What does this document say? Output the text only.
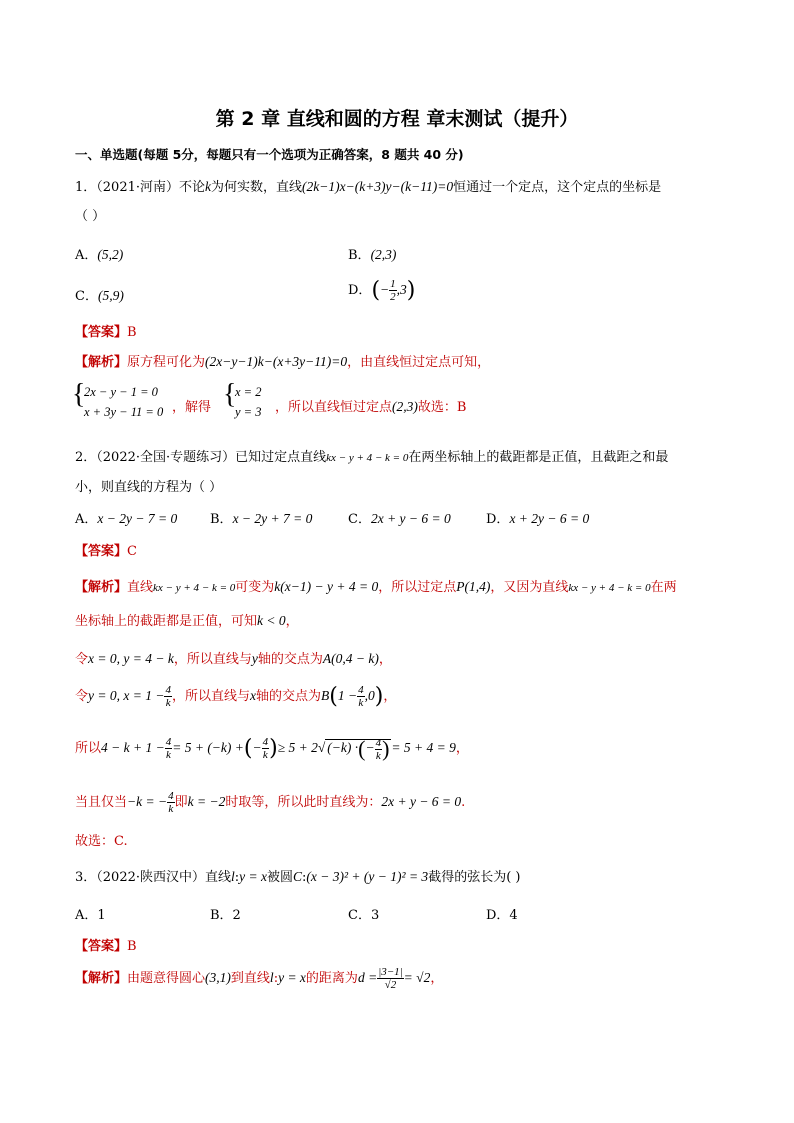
第 2 章 直线和圆的方程 章末测试（提升）
一、单选题(每题 5分，每题只有一个选项为正确答案，8 题共 40 分)
1．（2021·河南）不论k为何实数，直线(2k−1)x−(k+3)y−(k−11)=0恒通过一个定点，这个定点的坐标是
（ ）
A．(5,2)	B．(2,3)
C．(5,9)	D．(− $\frac{1}{2} ,3$)
【答案】B
【解析】原方程可化为(2x−y−1)k−(x+3y−11)=0，由直线恒过定点可知，
{
2x − y − 1 = 0
x + 3y − 11 = 0 ，解得 {
x = 2
y = 3 ，所以直线恒过定点(2,3)故选：B
2．（2022·全国·专题练习）已知过定点直线kx − y + 4 − k = 0在两坐标轴上的截距都是正值，且截距之和最
小，则直线的方程为（ ）
A．x − 2y − 7 = 0	B．x − 2y + 7 = 0	C．2x + y − 6 = 0	D．x + 2y − 6 = 0
【答案】C
【解析】直线kx − y + 4 − k = 0可变为k(x−1) − y + 4 = 0，所以过定点P(1,4)，又因为直线kx − y + 4 − k = 0在两
坐标轴上的截距都是正值，可知k < 0，
令x = 0, y = 4 − k，所以直线与y轴的交点为A(0,4 − k)，
令y = 0, $x = 1 - \frac{4}{k}$ ，所以直线与x轴的交点为$B(1 - \frac{4}{k} ,0)$，
所以$4 - k + 1 - \frac{4}{k} = 5 + (-k)$ +(− $\frac{4}{k}$ )≥ 5 + 2√ (−k) ·(− $\frac{4}{k}$ ) = 5 + 4 = 9，
当且仅当−k = − $\frac{4}{k}$ 即k = −2时取等，所以此时直线为：2x + y − 6 = 0.
故选：C.
3．（2022·陕西汉中）直线l:y = x被圆C:(x − 3)² + (y − 1)² = 3截得的弦长为( )
A．1	B．2	C．3	D．4
【答案】B
【解析】由题意得圆心(3,1)到直线l:y = x的距离为$d = \frac{|3-1|}{√2} = √2$，
